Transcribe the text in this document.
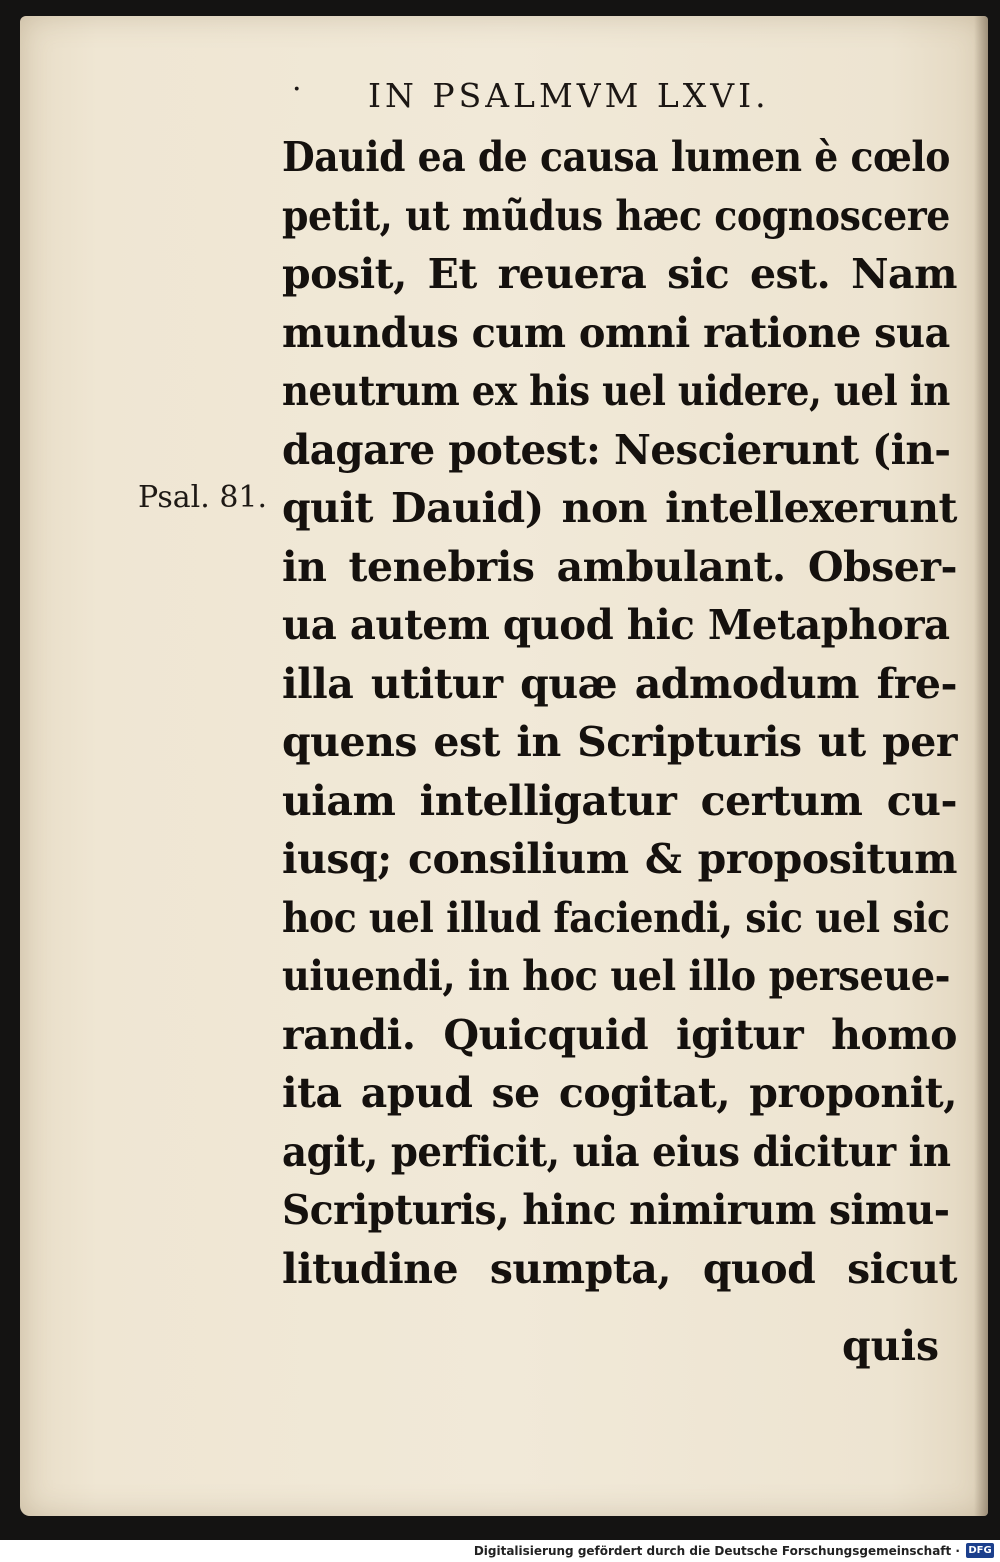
· IN PSALMVM LXVI.
Psal. 81.
Dauid ea de causa lumen è cœlo
petit, ut mũdus hæc cognoscere
posit, Et reuera sic est. Nam
mundus cum omni ratione sua
neutrum ex his uel uidere, uel in
dagare potest: Nescierunt (in-
quit Dauid) non intellexerunt
in tenebris ambulant. Obser-
ua autem quod hic Metaphora
illa utitur quæ admodum fre-
quens est in Scripturis ut per
uiam intelligatur certum cu-
iusq; consilium & propositum
hoc uel illud faciendi, sic uel sic
uiuendi, in hoc uel illo perseue-
randi. Quicquid igitur homo
ita apud se cogitat, proponit,
agit, perficit, uia eius dicitur in
Scripturis, hinc nimirum simu-
litudine sumpta, quod sicut
quis
Digitalisierung gefördert durch die Deutsche Forschungsgemeinschaft · DFG
